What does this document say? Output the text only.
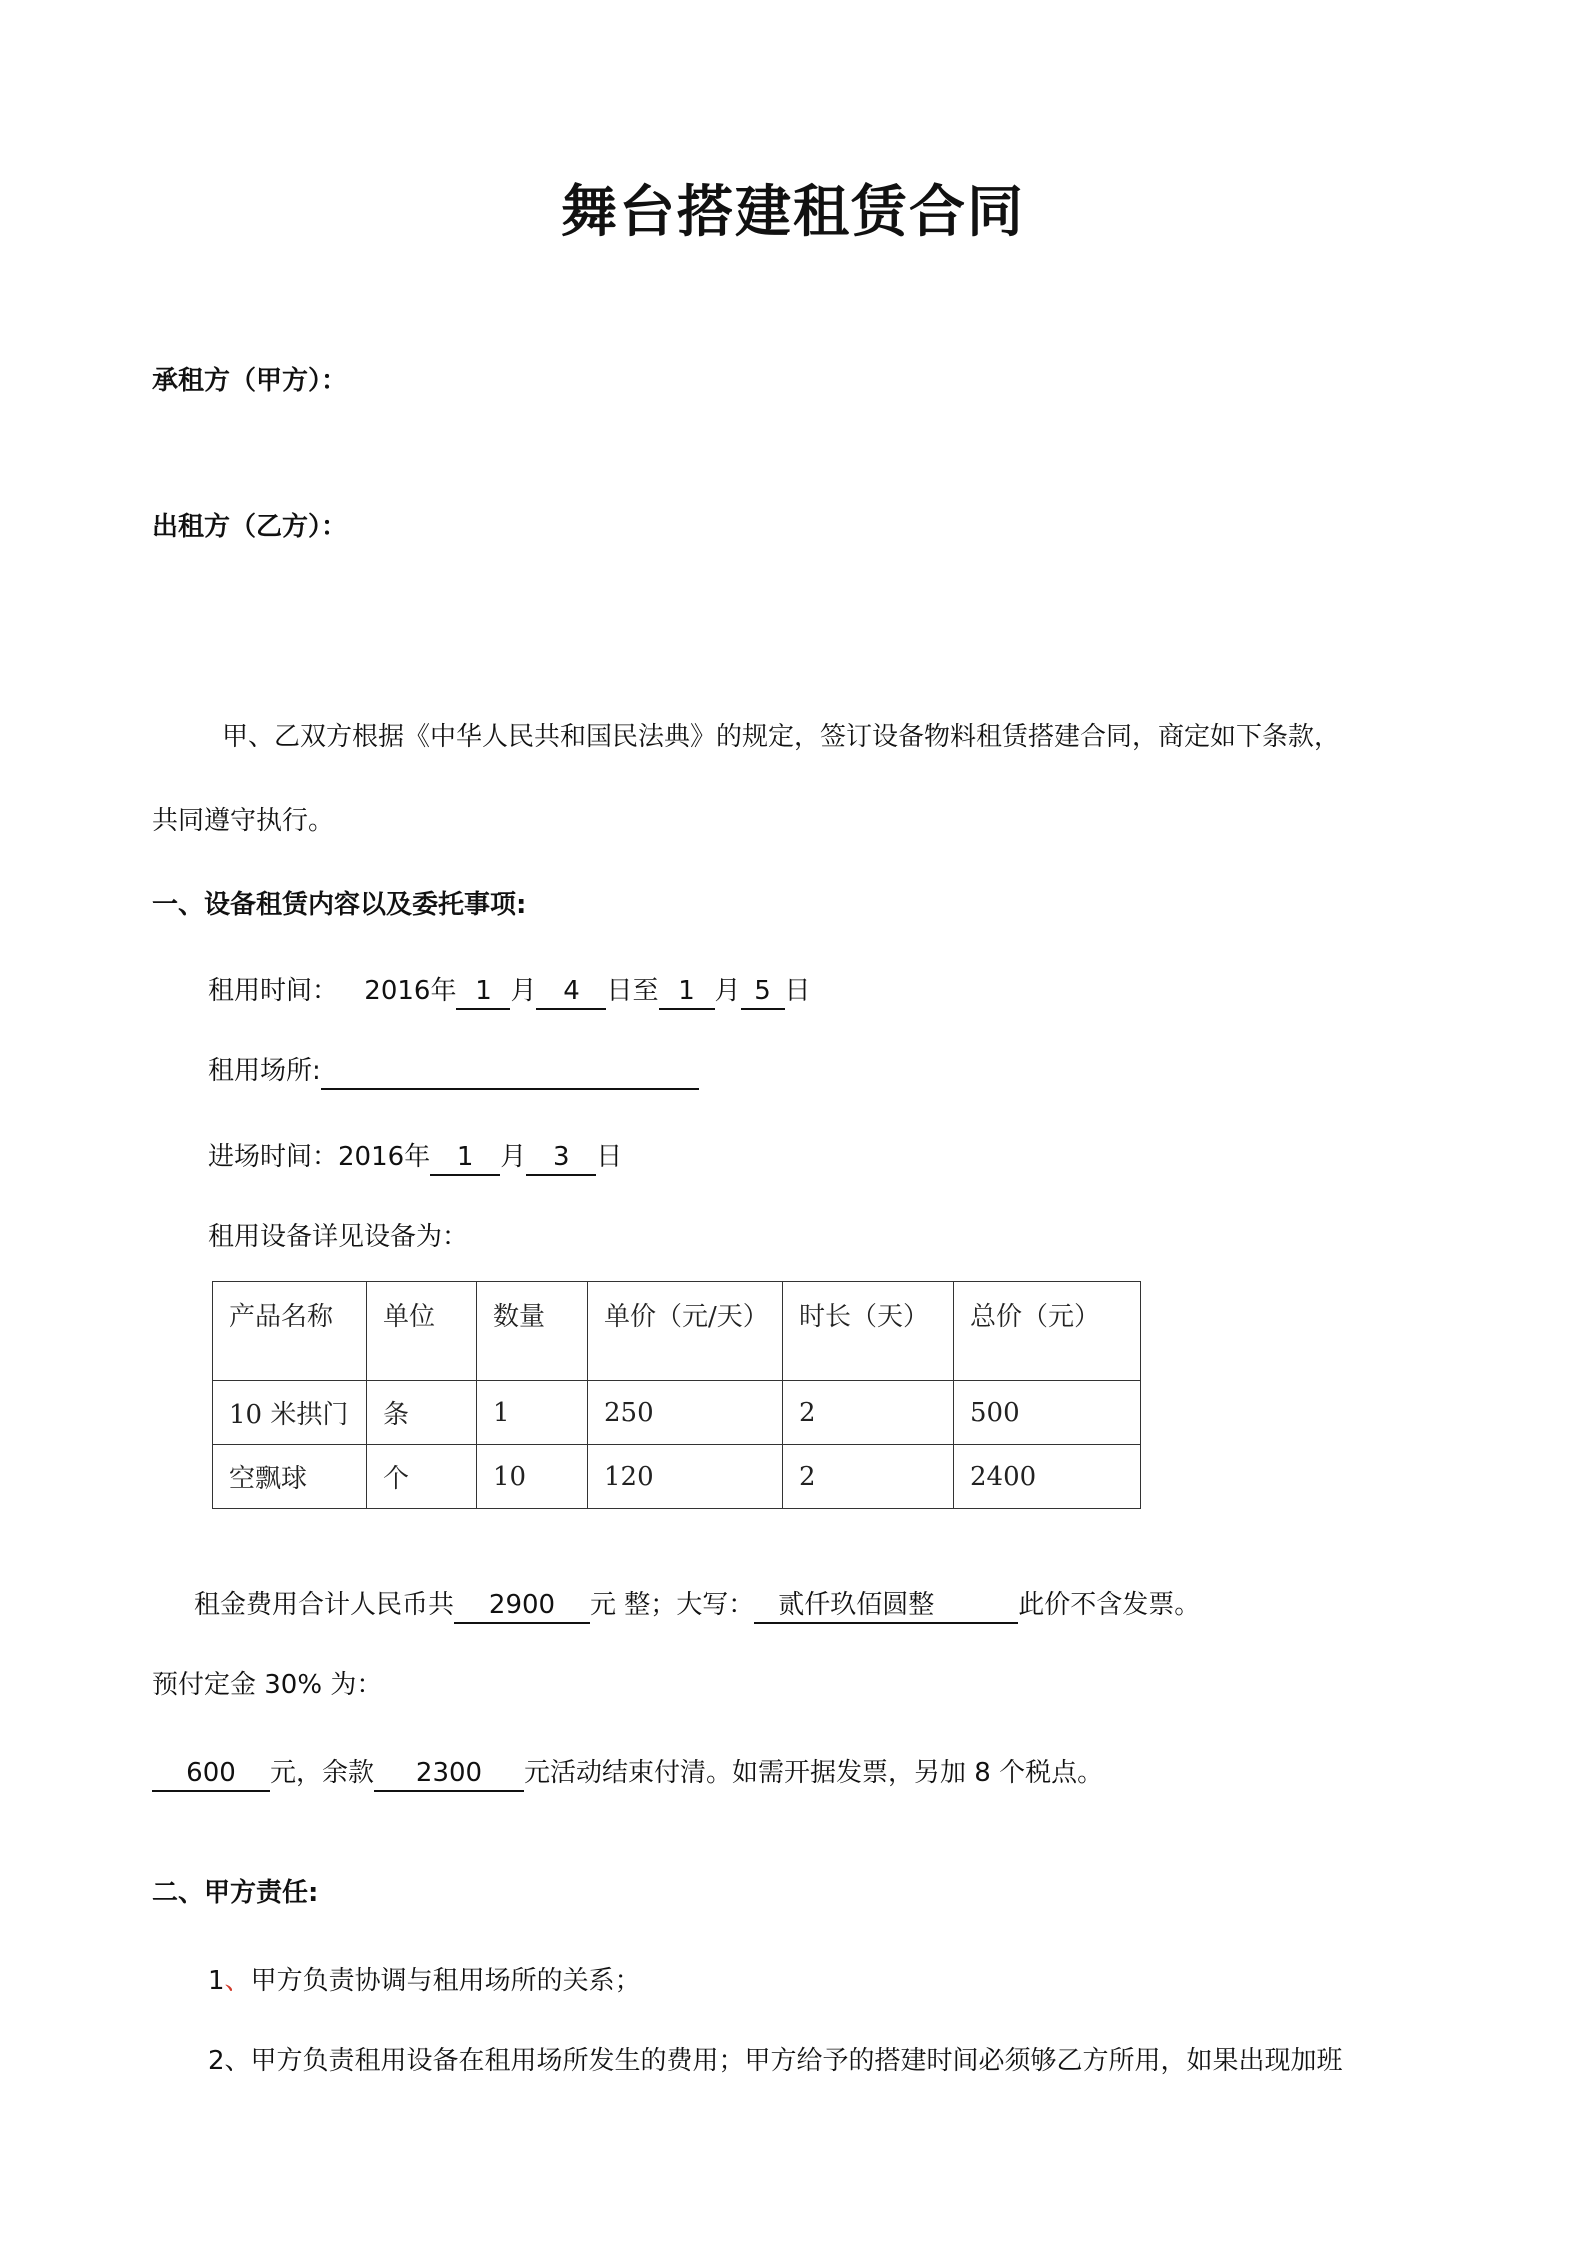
舞台搭建租赁合同
承租方（甲方）：
出租方（乙方）：
甲、乙双方根据《中华人民共和国民法典》的规定，签订设备物料租赁搭建合同，商定如下条款，
共同遵守执行。
一、设备租赁内容以及委托事项:
租用时间： 2016年 1 月 4 日至 1 月 5 日
租用场所:
进场时间：2016年 1 月 3 日
租用设备详见设备为：
产品名称	单位	数量	单价（元/天）	时长（天）	总价（元）
10 米拱门	条	1	250	2	500
空飘球	个	10	120	2	2400
租金费用合计人民币共 2900 元 整；大写： 贰仟玖佰圆整	此价不含发票。
预付定金 30% 为：
600 元，余款 2300 元活动结束付清。如需开据发票，另加 8 个税点。
二、甲方责任:
1、甲方负责协调与租用场所的关系；
2、甲方负责租用设备在租用场所发生的费用；甲方给予的搭建时间必须够乙方所用，如果出现加班
